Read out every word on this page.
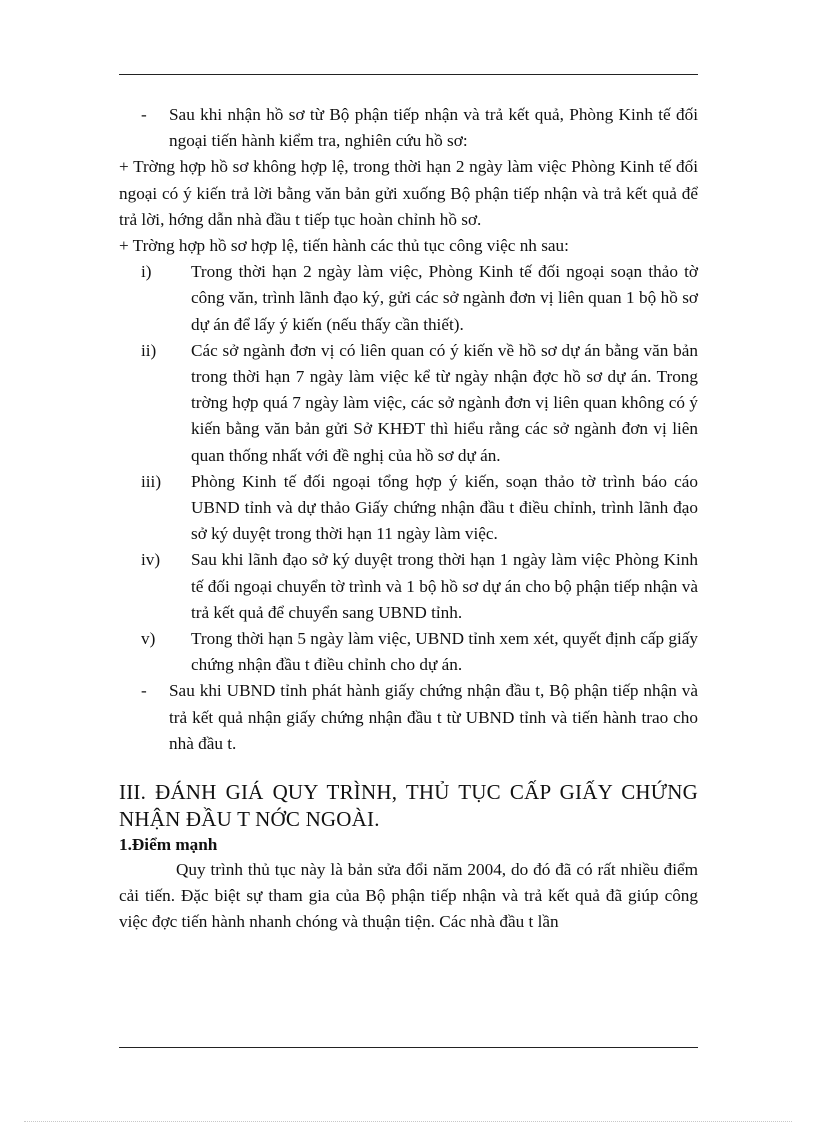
-	Sau khi nhận hồ sơ từ Bộ phận tiếp nhận và trả kết quả, Phòng Kinh tế đối ngoại tiến hành kiểm tra, nghiên cứu hồ sơ:

+ Trờng hợp hồ sơ không hợp lệ, trong thời hạn 2 ngày làm việc Phòng Kinh tế đối ngoại có ý kiến trả lời bằng văn bản gửi xuống Bộ phận tiếp nhận và trả kết quả để trả lời, hớng dẫn nhà đầu t tiếp tục hoàn chỉnh hồ sơ.

+ Trờng hợp hồ sơ hợp lệ, tiến hành các thủ tục công việc nh sau:

i)	Trong thời hạn 2 ngày làm việc, Phòng Kinh tế đối ngoại soạn thảo tờ công văn, trình lãnh đạo ký, gửi các sở ngành đơn vị liên quan 1 bộ hồ sơ dự án để lấy ý kiến (nếu thấy cần thiết).
ii)	Các sở ngành đơn vị có liên quan có ý kiến về hồ sơ dự án bằng văn bản trong thời hạn 7 ngày làm việc kể từ ngày nhận đợc hồ sơ dự án. Trong trờng hợp quá 7 ngày làm việc, các sở ngành đơn vị liên quan không có ý kiến bằng văn bản gửi Sở KHĐT thì hiểu rằng các sở ngành đơn vị liên quan thống nhất với đề nghị của hồ sơ dự án.
iii)	Phòng Kinh tế đối ngoại tổng hợp ý kiến, soạn thảo tờ trình báo cáo UBND tỉnh và dự thảo Giấy chứng nhận đầu t điều chỉnh, trình lãnh đạo sở ký duyệt trong thời hạn 11 ngày làm việc.
iv)	Sau khi lãnh đạo sở ký duyệt trong thời hạn 1 ngày làm việc Phòng Kinh tế đối ngoại chuyển tờ trình và 1 bộ hồ sơ dự án cho bộ phận tiếp nhận và trả kết quả để chuyển sang UBND tỉnh.
v)	Trong thời hạn 5 ngày làm việc, UBND tỉnh xem xét, quyết định cấp giấy chứng nhận đầu t điều chỉnh cho dự án.
-	Sau khi UBND tỉnh phát hành giấy chứng nhận đầu t, Bộ phận tiếp nhận và trả kết quả nhận giấy chứng nhận đầu t từ UBND tỉnh và tiến hành trao cho nhà đầu t.
III. ĐÁNH GIÁ QUY TRÌNH, THỦ TỤC CẤP GIẤY CHỨNG NHẬN ĐẦU T NỚC NGOÀI.
1.Điểm mạnh

Quy trình thủ tục này là bản sửa đổi năm 2004, do đó đã có rất nhiều điểm cải tiến. Đặc biệt sự tham gia của Bộ phận tiếp nhận và trả kết quả đã giúp công việc đợc tiến hành nhanh chóng và thuận tiện. Các nhà đầu t lần
